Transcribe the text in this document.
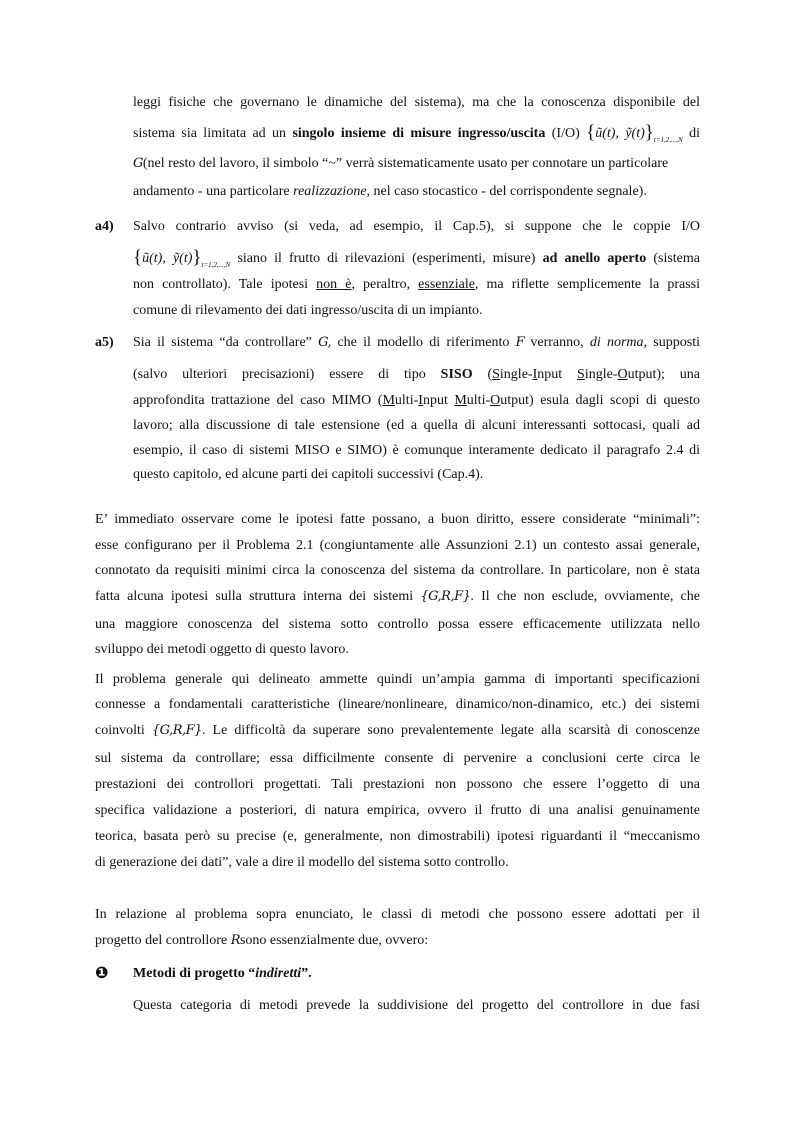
leggi fisiche che governano le dinamiche del sistema), ma che la conoscenza disponibile del
sistema sia limitata ad un singolo insieme di misure ingresso/uscita (I/O) {ũ(t), $ỹ(t)\}_{t=1,2,...,N}$ di
G(nel resto del lavoro, il simbolo “~” verrà sistematicamente usato per connotare un particolare
andamento - una particolare realizzazione, nel caso stocastico - del corrispondente segnale).
a4) Salvo contrario avviso (si veda, ad esempio, il Cap.5), si suppone che le coppie I/O
{ũ(t), $ỹ(t)\}_{t=1,2,...,N}$ siano il frutto di rilevazioni (esperimenti, misure) ad anello aperto (sistema
non controllato). Tale ipotesi non è, peraltro, essenziale, ma riflette semplicemente la prassi
comune di rilevamento dei dati ingresso/uscita di un impianto.
a5) Sia il sistema “da controllare” G, che il modello di riferimento F verranno, di norma, supposti
(salvo ulteriori precisazioni) essere di tipo SISO (Single-Input Single-Output); una
approfondita trattazione del caso MIMO (Multi-Input Multi-Output) esula dagli scopi di questo
lavoro; alla discussione di tale estensione (ed a quella di alcuni interessanti sottocasi, quali ad
esempio, il caso di sistemi MISO e SIMO) è comunque interamente dedicato il paragrafo 2.4 di
questo capitolo, ed alcune parti dei capitoli successivi (Cap.4).
E’ immediato osservare come le ipotesi fatte possano, a buon diritto, essere considerate “minimali”:
esse configurano per il Problema 2.1 (congiuntamente alle Assunzioni 2.1) un contesto assai generale,
connotato da requisiti minimi circa la conoscenza del sistema da controllare. In particolare, non è stata
fatta alcuna ipotesi sulla struttura interna dei sistemi {G,R,F}. Il che non esclude, ovviamente, che
una maggiore conoscenza del sistema sotto controllo possa essere efficacemente utilizzata nello
sviluppo dei metodi oggetto di questo lavoro.
Il problema generale qui delineato ammette quindi un’ampia gamma di importanti specificazioni
connesse a fondamentali caratteristiche (lineare/nonlineare, dinamico/non-dinamico, etc.) dei sistemi
coinvolti {G,R,F}. Le difficoltà da superare sono prevalentemente legate alla scarsità di conoscenze
sul sistema da controllare; essa difficilmente consente di pervenire a conclusioni certe circa le
prestazioni dei controllori progettati. Tali prestazioni non possono che essere l’oggetto di una
specifica validazione a posteriori, di natura empirica, ovvero il frutto di una analisi genuinamente
teorica, basata però su precise (e, generalmente, non dimostrabili) ipotesi riguardanti il “meccanismo
di generazione dei dati”, vale a dire il modello del sistema sotto controllo.
In relazione al problema sopra enunciato, le classi di metodi che possono essere adottati per il
progetto del controllore Rsono essenzialmente due, ovvero:
❶ Metodi di progetto “indiretti”.
Questa categoria di metodi prevede la suddivisione del progetto del controllore in due fasi
